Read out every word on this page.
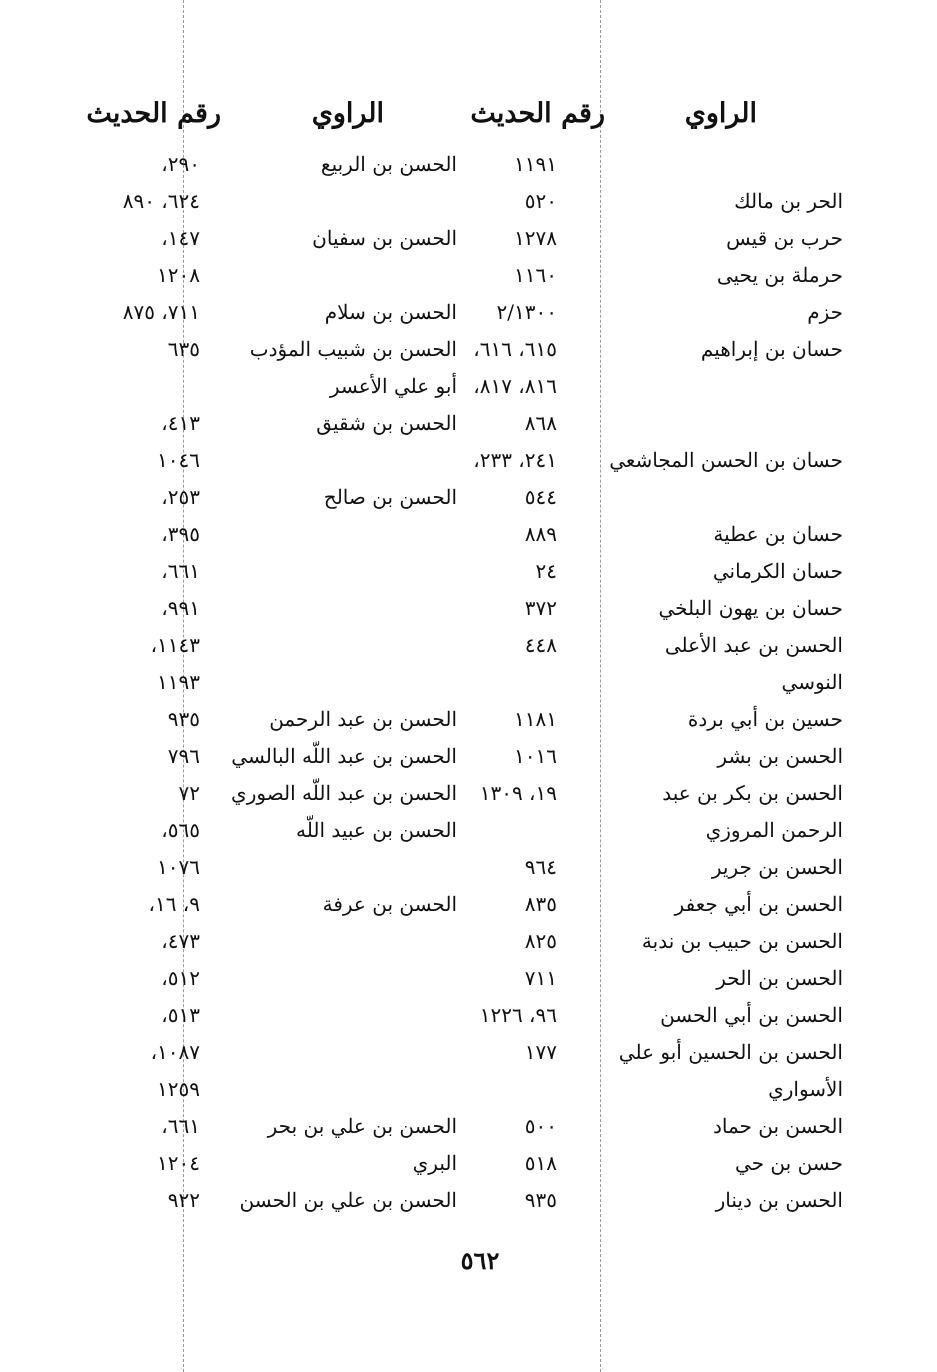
الراوي
رقم الحديث
الراوي
رقم الحديث
١١٩١
الحسن بن الربيع
٢٩٠،
الحر بن مالك
٥٢٠
٦٢٤، ٨٩٠
حرب بن قيس
١٢٧٨
الحسن بن سفيان
١٤٧،
حرملة بن يحيى
١١٦٠
١٢٠٨
حزم
٢/١٣٠٠
الحسن بن سلام
٧١١، ٨٧٥
حسان بن إبراهيم
٦١٥، ٦١٦،
الحسن بن شبيب المؤدب
٦٣٥
٨١٦، ٨١٧،
أبو علي الأعسر
٨٦٨
الحسن بن شقيق
٤١٣،
حسان بن الحسن المجاشعي
٢٤١، ٢٣٣،
١٠٤٦
٥٤٤
الحسن بن صالح
٢٥٣،
حسان بن عطية
٨٨٩
٣٩٥،
حسان الكرماني
٢٤
٦٦١،
حسان بن يهون البلخي
٣٧٢
٩٩١،
الحسن بن عبد الأعلى
٤٤٨
١١٤٣،
النوسي
١١٩٣
حسين بن أبي بردة
١١٨١
الحسن بن عبد الرحمن
٩٣٥
الحسن بن بشر
١٠١٦
الحسن بن عبد اللّه البالسي
٧٩٦
الحسن بن بكر بن عبد
١٩، ١٣٠٩
الحسن بن عبد اللّه الصوري
٧٢
الرحمن المروزي
الحسن بن عبيد اللّه
٥٦٥،
الحسن بن جرير
٩٦٤
١٠٧٦
الحسن بن أبي جعفر
٨٣٥
الحسن بن عرفة
٩، ١٦،
الحسن بن حبيب بن ندبة
٨٢٥
٤٧٣،
الحسن بن الحر
٧١١
٥١٢،
الحسن بن أبي الحسن
٩٦، ١٢٢٦
٥١٣،
الحسن بن الحسين أبو علي
١٧٧
١٠٨٧،
الأسواري
١٢٥٩
الحسن بن حماد
٥٠٠
الحسن بن علي بن بحر
٦٦١،
حسن بن حي
٥١٨
البري
١٢٠٤
الحسن بن دينار
٩٣٥
الحسن بن علي بن الحسن
٩٢٢
٥٦٢
